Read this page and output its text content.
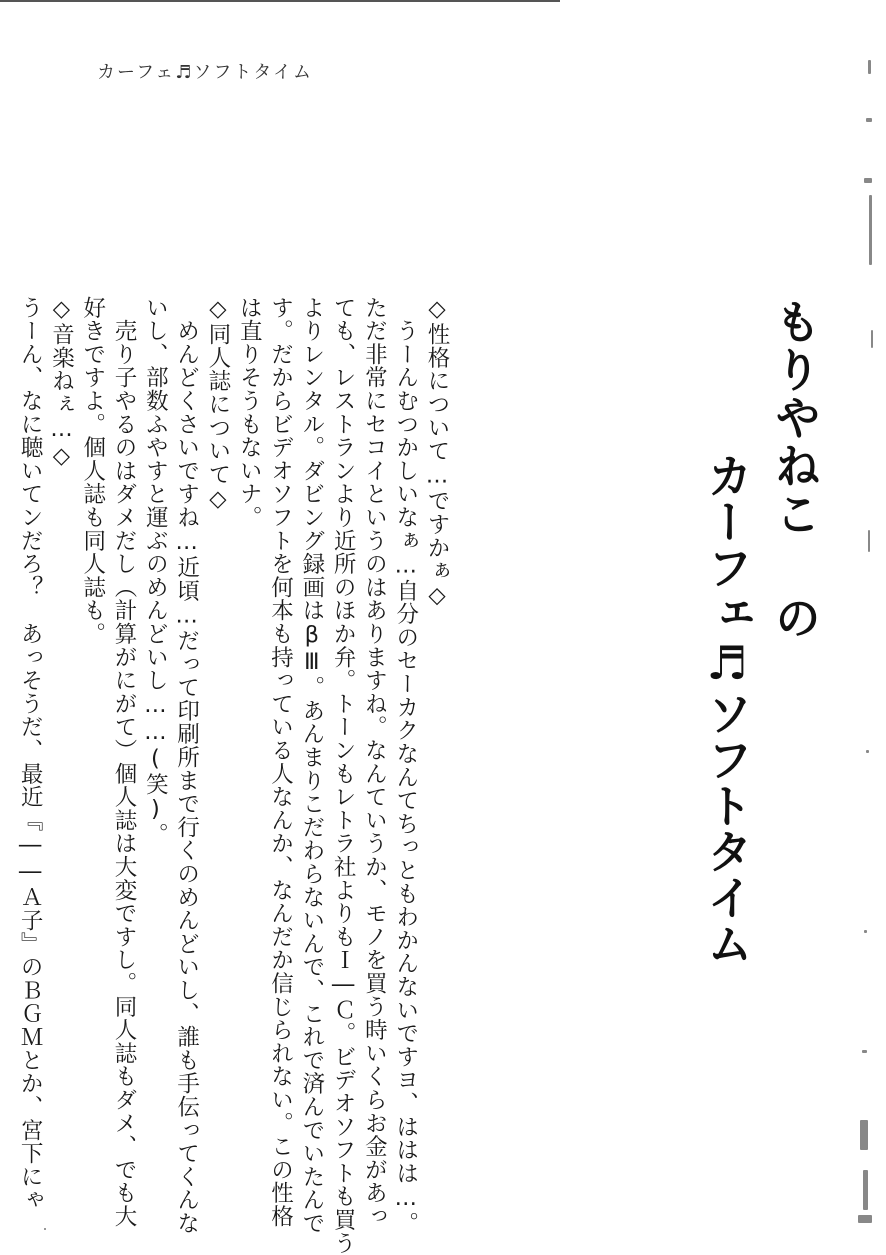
カーフェ♬ソフトタイム
もりやねこ の
カーフェ♬ソフトタイム

◇性格について…ですかぁ◇

　うーんむつかしいなぁ…自分のセーカクなんてちっともわかんないですヨ、ははは…。

ただ非常にセコイというのはありますね。なんていうか、モノを買う時いくらお金があっ

ても、レストランより近所のほか弁。トーンもレトラ社よりもＩ―Ｃ。ビデオソフトも買う

よりレンタル。ダビング録画はβⅢ。あんまりこだわらないんで、これで済んでいたんで

す。だからビデオソフトを何本も持っている人なんか、なんだか信じられない。この性格

は直りそうもないナ。

◇同人誌について◇

　めんどくさいですね…近頃…だって印刷所まで行くのめんどいし、誰も手伝ってくんな

いし、部数ふやすと運ぶのめんどいし……(笑)。

　売り子やるのはダメだし（計算がにがて）個人誌は大変ですし。同人誌もダメ、でも大

好きですよ。個人誌も同人誌も。

◇音楽ねぇ…◇

うーん、なに聴いてンだろ？　あっそうだ、最近『――Ａ子』のＢＧＭとか、宮下にゃ
